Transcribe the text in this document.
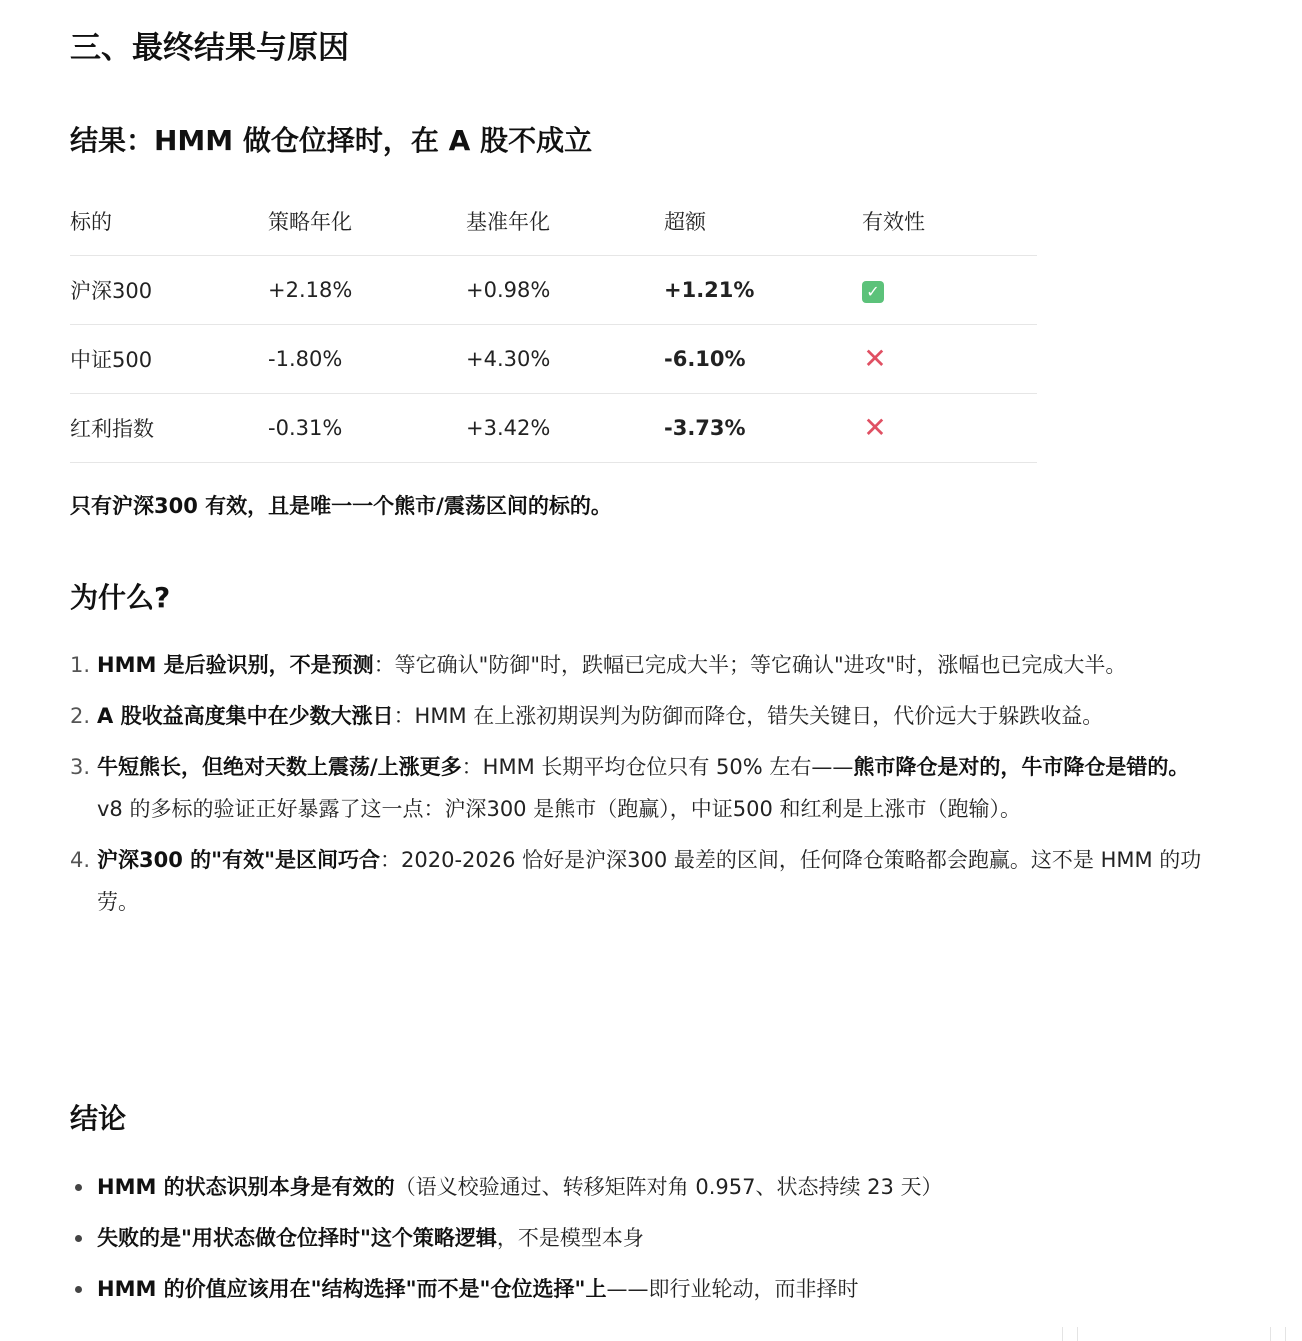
三、最终结果与原因
结果：HMM 做仓位择时，在 A 股不成立
标的	策略年化	基准年化	超额	有效性
沪深300	+2.18%	+0.98%	+1.21%	✓
中证500	-1.80%	+4.30%	-6.10%	✕
红利指数	-0.31%	+3.42%	-3.73%	✕

只有沪深300 有效，且是唯一一个熊市/震荡区间的标的。

为什么?
1. HMM 是后验识别，不是预测：等它确认"防御"时，跌幅已完成大半；等它确认"进攻"时，涨幅也已完成大半。
2. A 股收益高度集中在少数大涨日：HMM 在上涨初期误判为防御而降仓，错失关键日，代价远大于躲跌收益。
3. 牛短熊长，但绝对天数上震荡/上涨更多：HMM 长期平均仓位只有 50% 左右——熊市降仓是对的，牛市降仓是错的。v8 的多标的验证正好暴露了这一点：沪深300 是熊市（跑赢），中证500 和红利是上涨市（跑输）。
4. 沪深300 的"有效"是区间巧合：2020-2026 恰好是沪深300 最差的区间，任何降仓策略都会跑赢。这不是 HMM 的功劳。
结论
HMM 的状态识别本身是有效的（语义校验通过、转移矩阵对角 0.957、状态持续 23 天）
失败的是"用状态做仓位择时"这个策略逻辑，不是模型本身
HMM 的价值应该用在"结构选择"而不是"仓位选择"上——即行业轮动，而非择时
